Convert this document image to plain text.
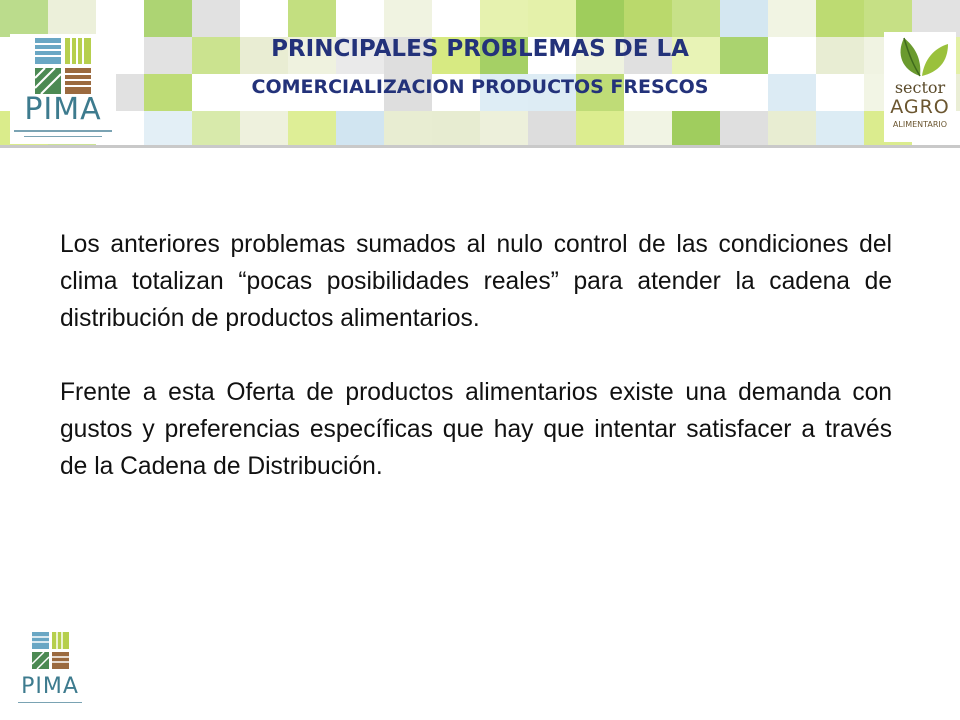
PIMA
sector
AGRO
ALIMENTARIO
PRINCIPALES PROBLEMAS DE LA
COMERCIALIZACION PRODUCTOS FRESCOS

Los anteriores problemas sumados al nulo control de las condiciones del clima totalizan “pocas posibilidades reales” para atender la cadena de distribución de productos alimentarios.

Frente a esta Oferta de productos alimentarios existe una demanda con gustos y preferencias específicas que hay que intentar satisfacer a través de la Cadena de Distribución.

PIMA
